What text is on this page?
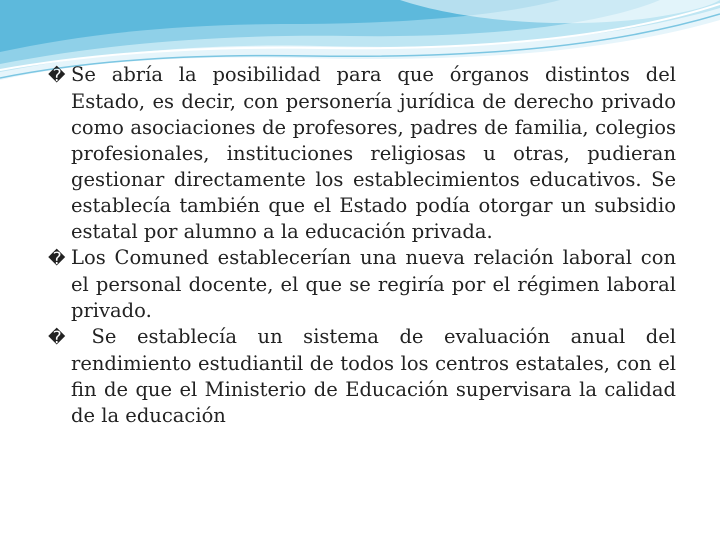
� Se abría la posibilidad para que órganos distintos del Estado, es decir, con personería jurídica de derecho privado como asociaciones de profesores, padres de familia, colegios profesionales, instituciones religiosas u otras, pudieran gestionar directamente los establecimientos educativos. Se establecía también que el Estado podía otorgar un subsidio estatal por alumno a la educación privada.

� Los Comuned establecerían una nueva relación laboral con el personal docente, el que se regiría por el régimen laboral privado.

� Se establecía un sistema de evaluación anual del rendimiento estudiantil de todos los centros estatales, con el fin de que el Ministerio de Educación supervisara la calidad de la educación
